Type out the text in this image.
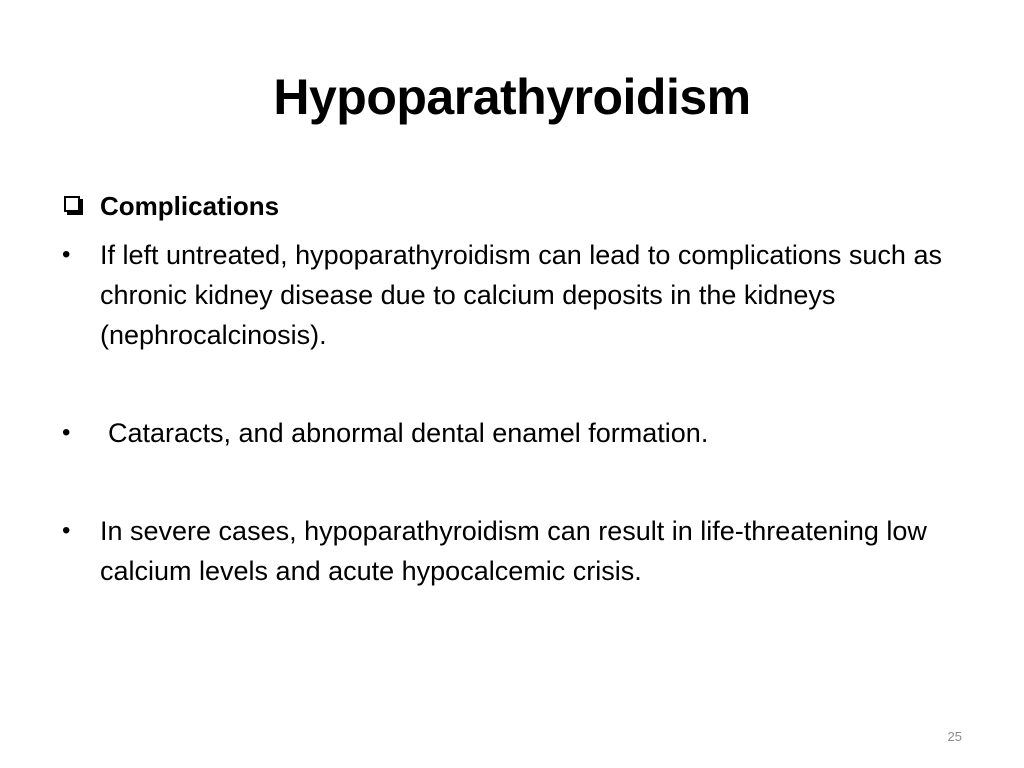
Hypoparathyroidism
Complications
•	If left untreated, hypoparathyroidism can lead to complications such as chronic kidney disease due to calcium deposits in the kidneys (nephrocalcinosis).
•	Cataracts, and abnormal dental enamel formation.
•	In severe cases, hypoparathyroidism can result in life-threatening low calcium levels and acute hypocalcemic crisis.
25
